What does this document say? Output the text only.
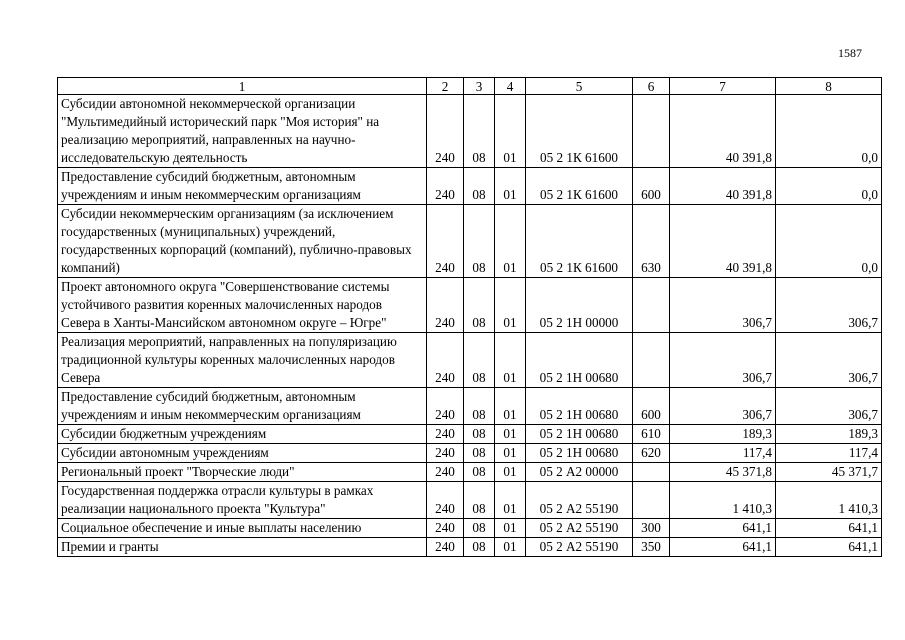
1587
1	2	3	4	5	6	7	8
Субсидии автономной некоммерческой организации "Мультимедийный исторический парк "Моя история" на реализацию мероприятий, направленных на научно-исследовательскую деятельность	240	08	01	05 2 1К 61600		40 391,8	0,0
Предоставление субсидий бюджетным, автономным учреждениям и иным некоммерческим организациям	240	08	01	05 2 1К 61600	600	40 391,8	0,0
Субсидии некоммерческим организациям (за исключением государственных (муниципальных) учреждений, государственных корпораций (компаний), публично-правовых компаний)	240	08	01	05 2 1К 61600	630	40 391,8	0,0
Проект автономного округа "Совершенствование системы устойчивого развития коренных малочисленных народов Севера в Ханты-Мансийском автономном округе – Югре"	240	08	01	05 2 1Н 00000		306,7	306,7
Реализация мероприятий, направленных на популяризацию традиционной культуры коренных малочисленных народов Севера	240	08	01	05 2 1Н 00680		306,7	306,7
Предоставление субсидий бюджетным, автономным учреждениям и иным некоммерческим организациям	240	08	01	05 2 1Н 00680	600	306,7	306,7
Субсидии бюджетным учреждениям	240	08	01	05 2 1Н 00680	610	189,3	189,3
Субсидии автономным учреждениям	240	08	01	05 2 1Н 00680	620	117,4	117,4
Региональный проект "Творческие люди"	240	08	01	05 2 А2 00000		45 371,8	45 371,7
Государственная поддержка отрасли культуры в рамках реализации национального проекта "Культура"	240	08	01	05 2 А2 55190		1 410,3	1 410,3
Социальное обеспечение и иные выплаты населению	240	08	01	05 2 А2 55190	300	641,1	641,1
Премии и гранты	240	08	01	05 2 А2 55190	350	641,1	641,1
